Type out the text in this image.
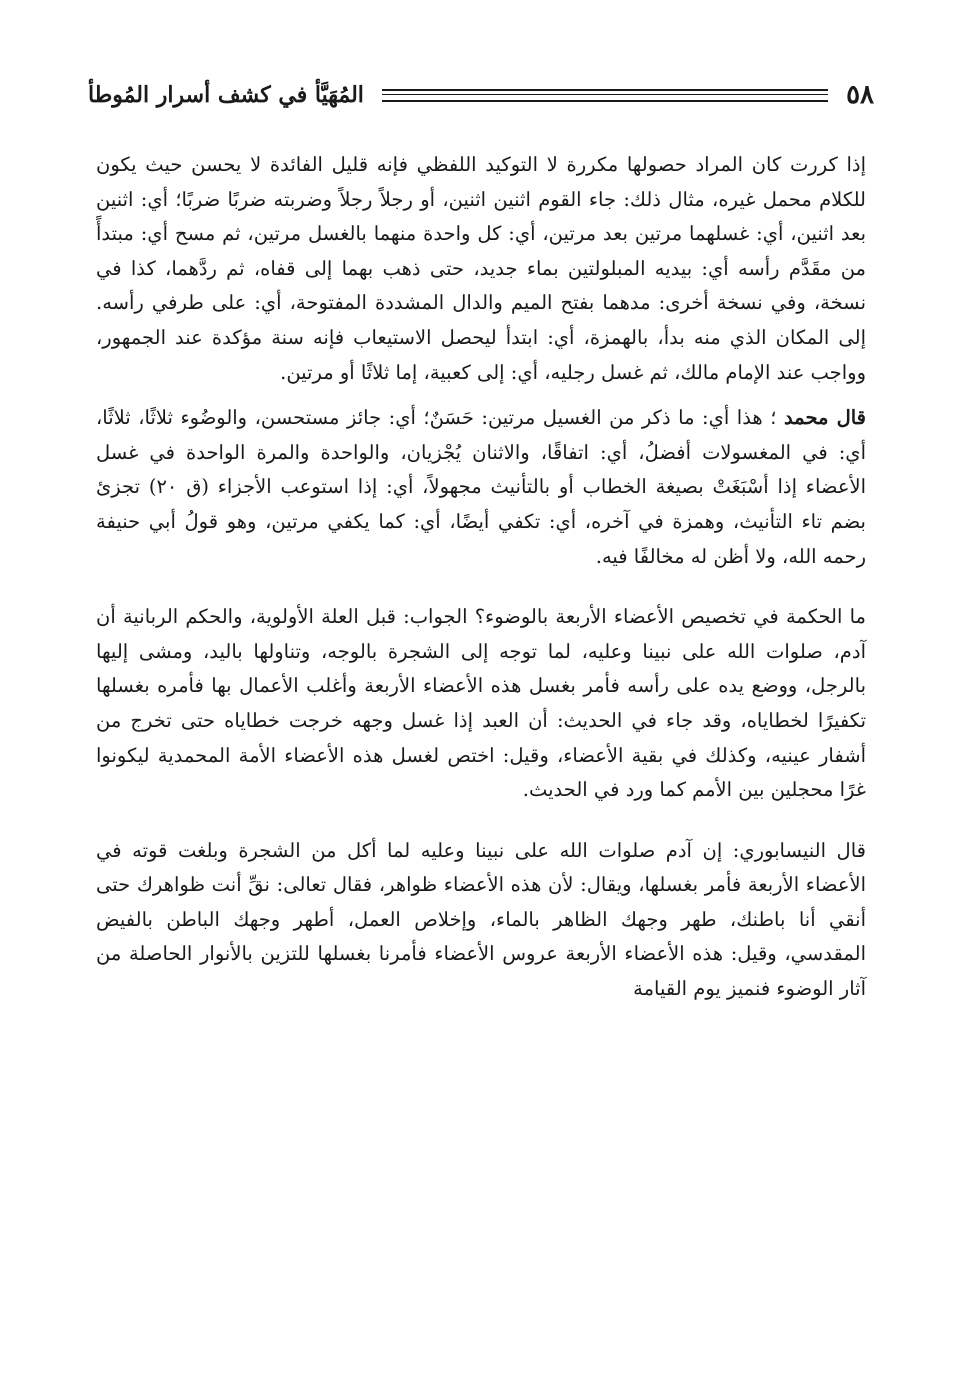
٥٨
المُهَيَّأ في كشف أسرار المُوطأ

إذا كررت كان المراد حصولها مكررة لا التوكيد اللفظي فإنه قليل الفائدة لا يحسن حيث يكون للكلام محمل غيره، مثال ذلك: جاء القوم اثنين اثنين، أو رجلاً رجلاً وضربته ضربًا ضربًا؛ أي: اثنين بعد اثنين، أي: غسلهما مرتين بعد مرتين، أي: كل واحدة منهما بالغسل مرتين، ثم مسح أي: مبتدأً من مقَدَّم رأسه أي: بيديه المبلولتين بماء جديد، حتى ذهب بهما إلى قفاه، ثم ردَّهما، كذا في نسخة، وفي نسخة أخرى: مدهما بفتح الميم والدال المشددة المفتوحة، أي: على طرفي رأسه. إلى المكان الذي منه بدأ، بالهمزة، أي: ابتدأ ليحصل الاستيعاب فإنه سنة مؤكدة عند الجمهور، وواجب عند الإمام مالك، ثم غسل رجليه، أي: إلى كعبية، إما ثلاثًا أو مرتين.

قال محمد ؛ هذا أي: ما ذكر من الغسيل مرتين: حَسَنٌ؛ أي: جائز مستحسن، والوضُوء ثلاثًا، ثلاثًا، أي: في المغسولات أفضلُ، أي: اتفاقًا، والاثنان يُجْزيان، والواحدة والمرة الواحدة في غسل الأعضاء إذا أسْبَغَتْ بصيغة الخطاب أو بالتأنيث مجهولاً، أي: إذا استوعب الأجزاء (ق ٢٠) تجزئ بضم تاء التأنيث، وهمزة في آخره، أي: تكفي أيضًا، أي: كما يكفي مرتين، وهو قولُ أبي حنيفة رحمه الله، ولا أظن له مخالفًا فيه.

ما الحكمة في تخصيص الأعضاء الأربعة بالوضوء؟ الجواب: قبل العلة الأولوية، والحكم الربانية أن آدم، صلوات الله على نبينا وعليه، لما توجه إلى الشجرة بالوجه، وتناولها باليد، ومشى إليها بالرجل، ووضع يده على رأسه فأمر بغسل هذه الأعضاء الأربعة وأغلب الأعمال بها فأمره بغسلها تكفيرًا لخطاياه، وقد جاء في الحديث: أن العبد إذا غسل وجهه خرجت خطاياه حتى تخرج من أشفار عينيه، وكذلك في بقية الأعضاء، وقيل: اختص لغسل هذه الأعضاء الأمة المحمدية ليكونوا غرًا محجلين بين الأمم كما ورد في الحديث.

قال النيسابوري: إن آدم صلوات الله على نبينا وعليه لما أكل من الشجرة وبلغت قوته في الأعضاء الأربعة فأمر بغسلها، ويقال: لأن هذه الأعضاء ظواهر، فقال تعالى: نقِّ أنت ظواهرك حتى أنقي أنا باطنك، طهر وجهك الظاهر بالماء، وإخلاص العمل، أطهر وجهك الباطن بالفيض المقدسي، وقيل: هذه الأعضاء الأربعة عروس الأعضاء فأمرنا بغسلها للتزين بالأنوار الحاصلة من آثار الوضوء فنميز يوم القيامة
